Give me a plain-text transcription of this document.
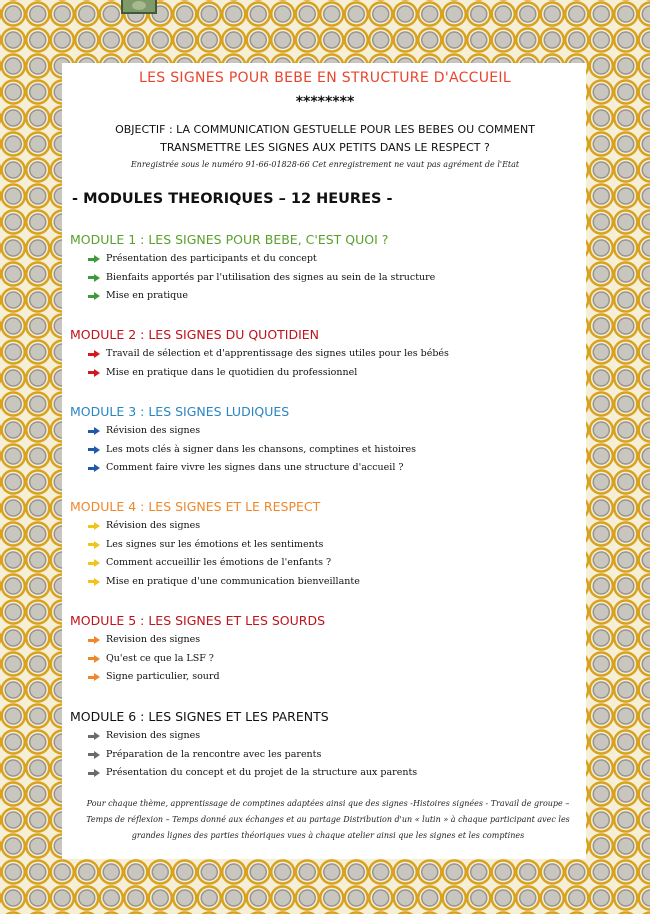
LES SIGNES POUR BEBE EN STRUCTURE D'ACCUEIL
********
OBJECTIF : LA COMMUNICATION GESTUELLE POUR LES BEBES OU COMMENT TRANSMETTRE LES SIGNES AUX PETITS DANS LE RESPECT ?
Enregistrée sous le numéro 91-66-01828-66 Cet enregistrement ne vaut pas agrément de l'Etat
- MODULES THEORIQUES – 12 HEURES -
MODULE 1 : LES SIGNES POUR BEBE, C'EST QUOI ?
Présentation des participants et du concept
Bienfaits apportés par l'utilisation des signes au sein de la structure
Mise en pratique
MODULE 2 : LES SIGNES DU QUOTIDIEN
Travail de sélection et d'apprentissage des signes utiles pour les bébés
Mise en pratique dans le quotidien du professionnel
MODULE 3 : LES SIGNES LUDIQUES
Révision des signes
Les mots clés à signer dans les chansons, comptines et histoires
Comment faire vivre les signes dans une structure d'accueil ?
MODULE 4 : LES SIGNES ET LE RESPECT
Révision des signes
Les signes sur les émotions et les sentiments
Comment accueillir les émotions de l'enfants ?
Mise en pratique d'une communication bienveillante
MODULE 5 : LES SIGNES ET LES SOURDS
Revision des signes
Qu'est ce que la LSF ?
Signe particulier, sourd
MODULE 6 : LES SIGNES ET LES PARENTS
Revision des signes
Préparation de la rencontre avec les parents
Présentation du concept et du projet de la structure aux parents
Pour chaque thème, apprentissage de comptines adaptées ainsi que des signes -Histoires signées - Travail de groupe – Temps de réflexion – Temps donné aux échanges et au partage Distribution d'un « lutin » à chaque participant avec les grandes lignes des parties théoriques vues à chaque atelier ainsi que les signes et les comptines
